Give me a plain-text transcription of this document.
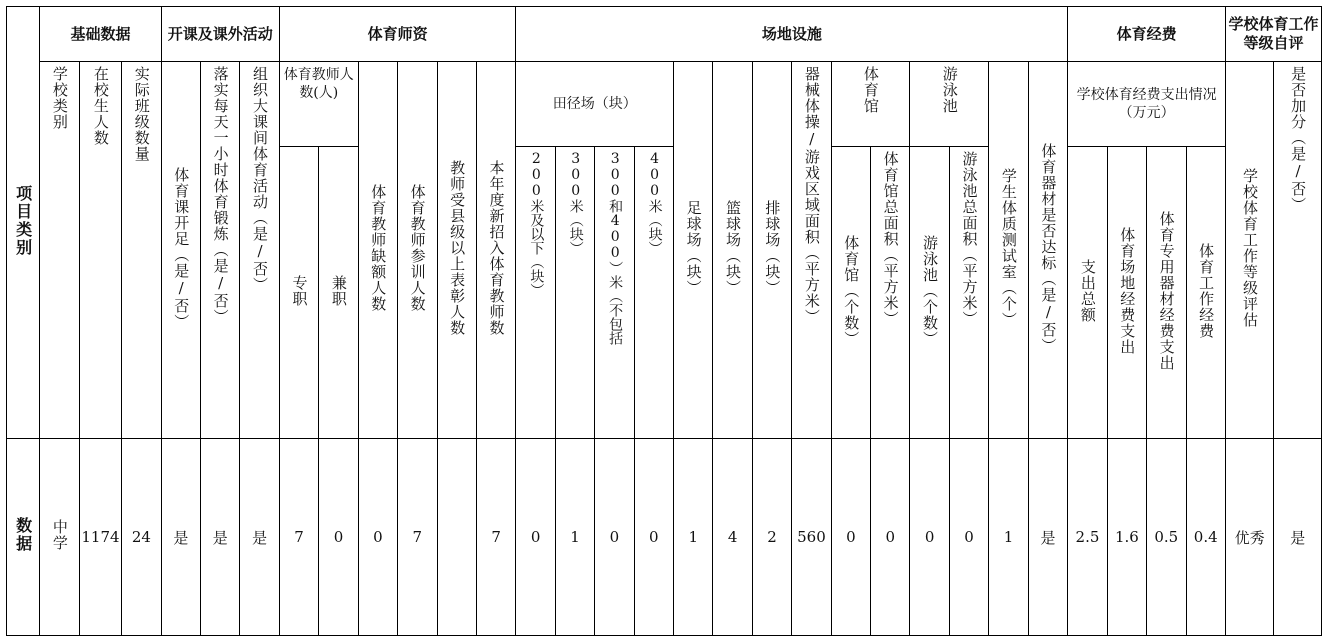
项目类别	基础数据			开课及课外活动			体育师资						场地设施														体育经费				学校体育工作等级自评	
	学校类别	在校生人数	实际班级数量	体育课开足（是/否）	落实每天一小时体育锻炼（是/否）	组织大课间体育活动（是/否）	体育教师人数(人)		体育教师缺额人数	体育教师参训人数	教师受县级以上表彰人数	本年度新招入体育教师数	田径场（块）				足球场（块）	篮球场（块）	排球场（块）	器械体操/游戏区域面积（平方米）	体育馆		游泳池		学生体质测试室（个）	体育器材是否达标（是/否）	学校体育经费支出情况（万元）				学校体育工作等级评估	是否加分（是/否）
							专职	兼职					200米及以下（块）	300米（块）	300和400）米（不包括	400米（块）					体育馆（个数）	体育馆总面积（平方米）	游泳池（个数）	游泳池总面积（平方米）			支出总额	体育场地经费支出	体育专用器材经费支出	体育工作经费		
数据	中学	1174	24	是	是	是	7	0	0	7		7	0	1	0	0	1	4	2	560	0	0	0	0	1	是	2.5	1.6	0.5	0.4	优秀	是
